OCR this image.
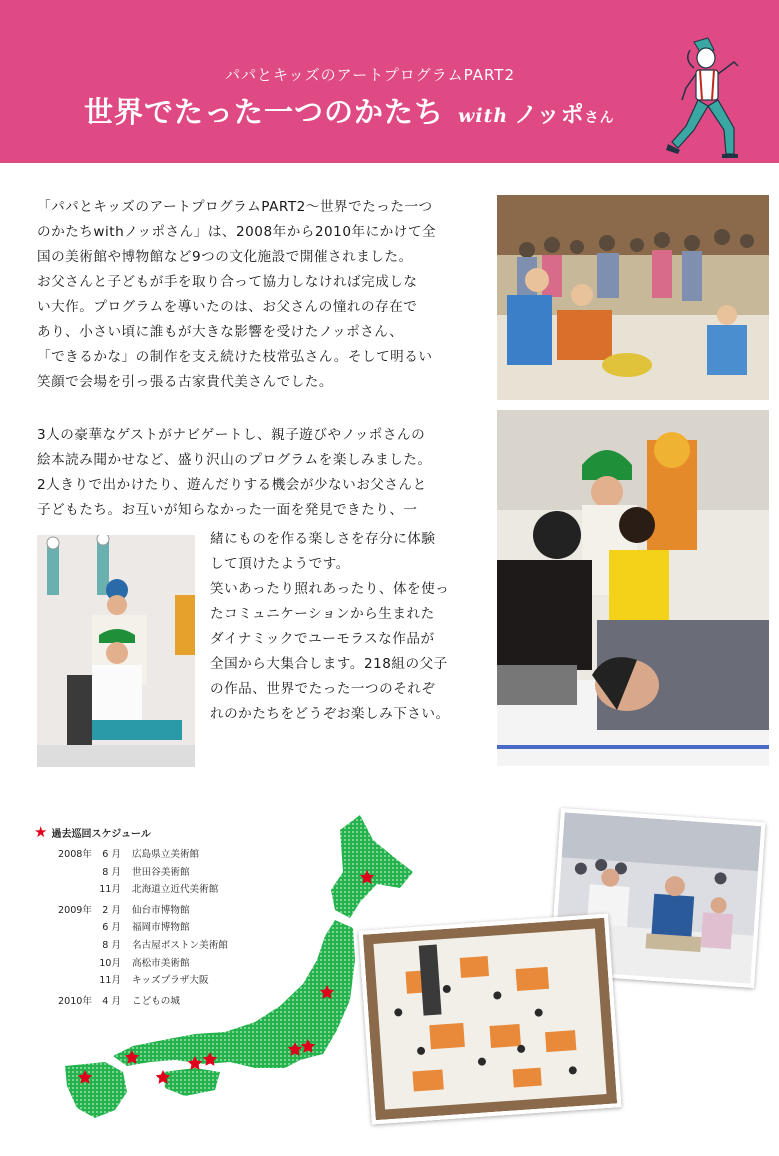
パパとキッズのアートプログラムPART2
世界でたった一つのかたち with ノッポさん
「パパとキッズのアートプログラムPART2～世界でたった一つ
のかたちwithノッポさん」は、2008年から2010年にかけて全
国の美術館や博物館など9つの文化施設で開催されました。
お父さんと子どもが手を取り合って協力しなければ完成しな
い大作。プログラムを導いたのは、お父さんの憧れの存在で
あり、小さい頃に誰もが大きな影響を受けたノッポさん、
「できるかな」の制作を支え続けた枝常弘さん。そして明るい
笑顔で会場を引っ張る古家貴代美さんでした。
3人の豪華なゲストがナビゲートし、親子遊びやノッポさんの
絵本読み聞かせなど、盛り沢山のプログラムを楽しみました。
2人きりで出かけたり、遊んだりする機会が少ないお父さんと
子どもたち。お互いが知らなかった一面を発見できたり、一
緒にものを作る楽しさを存分に体験
して頂けたようです。
笑いあったり照れあったり、体を使っ
たコミュニケーションから生まれた
ダイナミックでユーモラスな作品が
全国から大集合します。218組の父子
の作品、世界でたった一つのそれぞ
れのかたちをどうぞお楽しみ下さい。
★ 過去巡回スケジュール
2008年	6 月 広島県立美術館
8 月 世田谷美術館
11月 北海道立近代美術館
2009年	2 月 仙台市博物館
6 月 福岡市博物館
8 月 名古屋ボストン美術館
10月 高松市美術館
11月 キッズプラザ大阪
2010年	4 月 こどもの城
